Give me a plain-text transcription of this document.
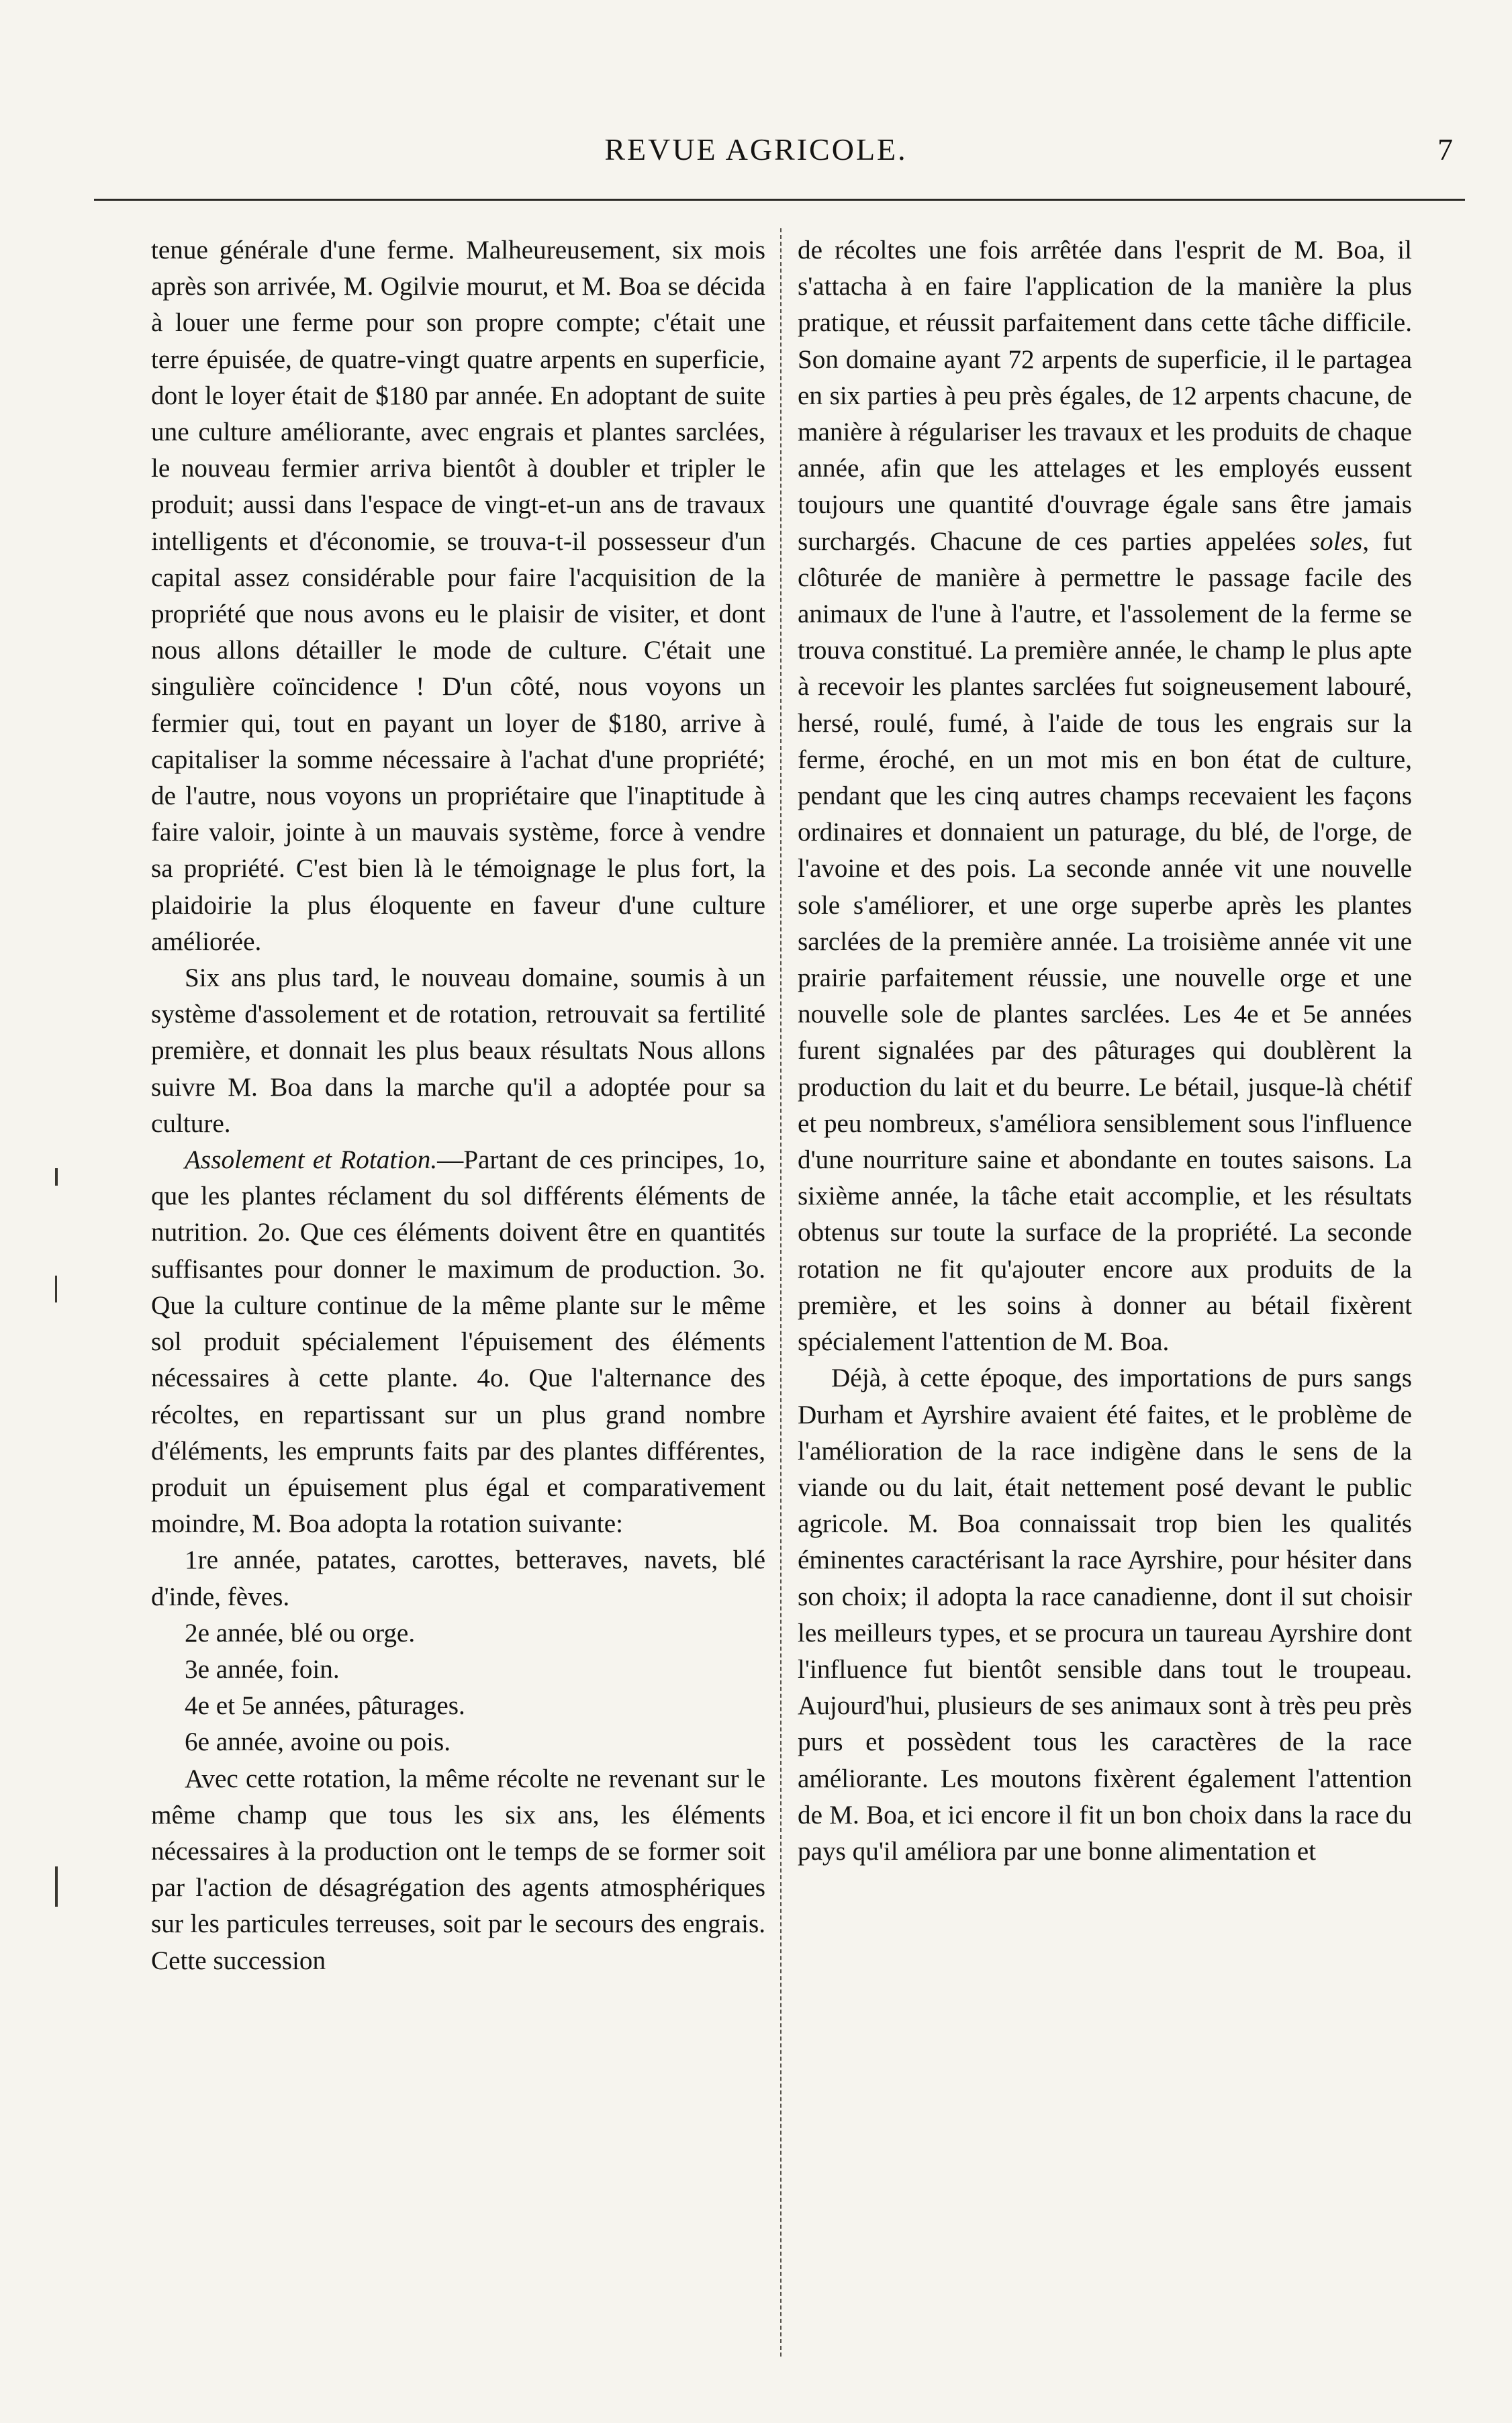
REVUE AGRICOLE.	7

tenue générale d'une ferme. Malheureusement, six mois après son arrivée, M. Ogilvie mourut, et M. Boa se décida à louer une ferme pour son propre compte; c'était une terre épuisée, de quatre-vingt quatre arpents en superficie, dont le loyer était de $180 par année. En adoptant de suite une culture améliorante, avec engrais et plantes sarclées, le nouveau fermier arriva bientôt à doubler et tripler le produit; aussi dans l'espace de vingt-et-un ans de travaux intelligents et d'économie, se trouva-t-il possesseur d'un capital assez considérable pour faire l'acquisition de la propriété que nous avons eu le plaisir de visiter, et dont nous allons détailler le mode de culture. C'était une singulière coïncidence ! D'un côté, nous voyons un fermier qui, tout en payant un loyer de $180, arrive à capitaliser la somme nécessaire à l'achat d'une propriété; de l'autre, nous voyons un propriétaire que l'inaptitude à faire valoir, jointe à un mauvais système, force à vendre sa propriété. C'est bien là le témoignage le plus fort, la plaidoirie la plus éloquente en faveur d'une culture améliorée.

Six ans plus tard, le nouveau domaine, soumis à un système d'assolement et de rotation, retrouvait sa fertilité première, et donnait les plus beaux résultats Nous allons suivre M. Boa dans la marche qu'il a adoptée pour sa culture.

Assolement et Rotation.—Partant de ces principes, 1o, que les plantes réclament du sol différents éléments de nutrition. 2o. Que ces éléments doivent être en quantités suffisantes pour donner le maximum de production. 3o. Que la culture continue de la même plante sur le même sol produit spécialement l'épuisement des éléments nécessaires à cette plante. 4o. Que l'alternance des récoltes, en repartissant sur un plus grand nombre d'éléments, les emprunts faits par des plantes différentes, produit un épuisement plus égal et comparativement moindre, M. Boa adopta la rotation suivante:

1re année, patates, carottes, betteraves, navets, blé d'inde, fèves.
2e année, blé ou orge.
3e année, foin.
4e et 5e années, pâturages.
6e année, avoine ou pois.

Avec cette rotation, la même récolte ne revenant sur le même champ que tous les six ans, les éléments nécessaires à la production ont le temps de se former soit par l'action de désagrégation des agents atmosphériques sur les particules terreuses, soit par le secours des engrais. Cette succession

de récoltes une fois arrêtée dans l'esprit de M. Boa, il s'attacha à en faire l'application de la manière la plus pratique, et réussit parfaitement dans cette tâche difficile. Son domaine ayant 72 arpents de superficie, il le partagea en six parties à peu près égales, de 12 arpents chacune, de manière à régulariser les travaux et les produits de chaque année, afin que les attelages et les employés eussent toujours une quantité d'ouvrage égale sans être jamais surchargés. Chacune de ces parties appelées soles, fut clôturée de manière à permettre le passage facile des animaux de l'une à l'autre, et l'assolement de la ferme se trouva constitué. La première année, le champ le plus apte à recevoir les plantes sarclées fut soigneusement labouré, hersé, roulé, fumé, à l'aide de tous les engrais sur la ferme, éroché, en un mot mis en bon état de culture, pendant que les cinq autres champs recevaient les façons ordinaires et donnaient un paturage, du blé, de l'orge, de l'avoine et des pois. La seconde année vit une nouvelle sole s'améliorer, et une orge superbe après les plantes sarclées de la première année. La troisième année vit une prairie parfaitement réussie, une nouvelle orge et une nouvelle sole de plantes sarclées. Les 4e et 5e années furent signalées par des pâturages qui doublèrent la production du lait et du beurre. Le bétail, jusque-là chétif et peu nombreux, s'améliora sensiblement sous l'influence d'une nourriture saine et abondante en toutes saisons. La sixième année, la tâche etait accomplie, et les résultats obtenus sur toute la surface de la propriété. La seconde rotation ne fit qu'ajouter encore aux produits de la première, et les soins à donner au bétail fixèrent spécialement l'attention de M. Boa.

Déjà, à cette époque, des importations de purs sangs Durham et Ayrshire avaient été faites, et le problème de l'amélioration de la race indigène dans le sens de la viande ou du lait, était nettement posé devant le public agricole. M. Boa connaissait trop bien les qualités éminentes caractérisant la race Ayrshire, pour hésiter dans son choix; il adopta la race canadienne, dont il sut choisir les meilleurs types, et se procura un taureau Ayrshire dont l'influence fut bientôt sensible dans tout le troupeau. Aujourd'hui, plusieurs de ses animaux sont à très peu près purs et possèdent tous les caractères de la race améliorante. Les moutons fixèrent également l'attention de M. Boa, et ici encore il fit un bon choix dans la race du pays qu'il améliora par une bonne alimentation et
